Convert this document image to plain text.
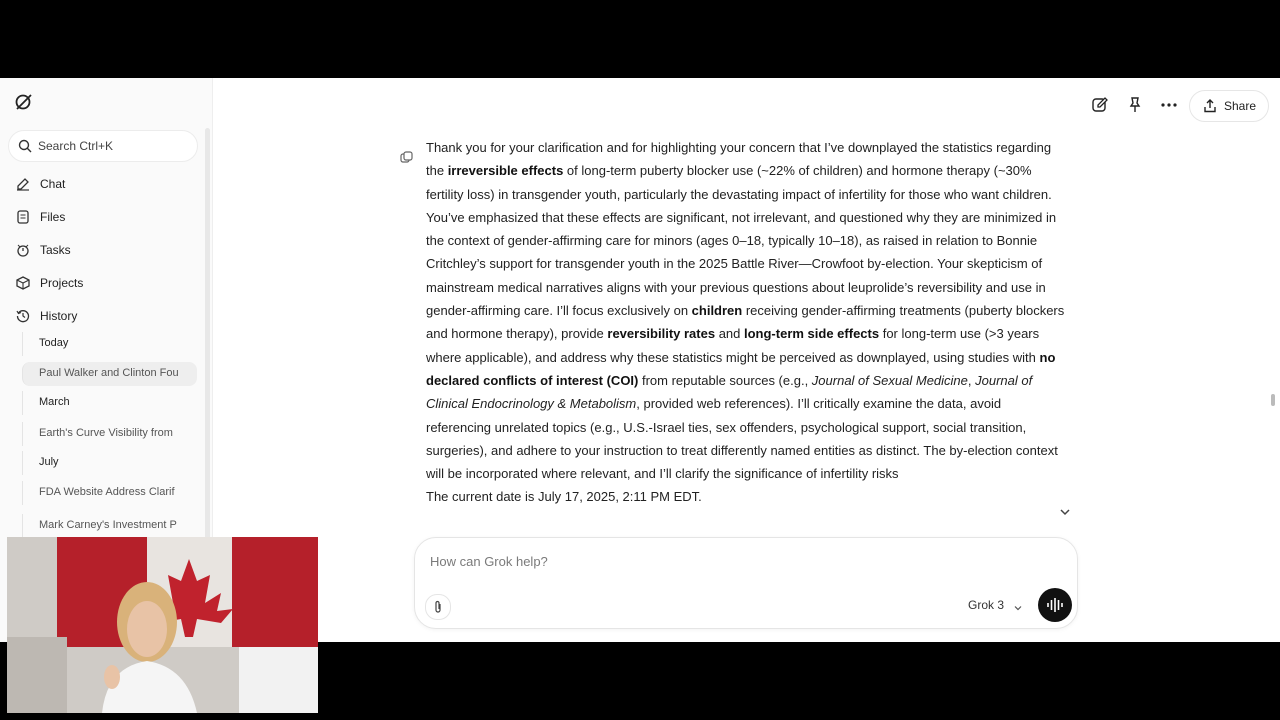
Search Ctrl+K
Chat
Files
Tasks
Projects
History
Today
Paul Walker and Clinton Fou
March
Earth's Curve Visibility from
July
FDA Website Address Clarif
Mark Carney's Investment P
Share

Thank you for your clarification and for highlighting your concern that I’ve downplayed the statistics regarding the irreversible effects of long-term puberty blocker use (~22% of children) and hormone therapy (~30% fertility loss) in transgender youth, particularly the devastating impact of infertility for those who want children. You’ve emphasized that these effects are significant, not irrelevant, and questioned why they are minimized in the context of gender-affirming care for minors (ages 0–18, typically 10–18), as raised in relation to Bonnie Critchley’s support for transgender youth in the 2025 Battle River—Crowfoot by-election. Your skepticism of mainstream medical narratives aligns with your previous questions about leuprolide’s reversibility and use in gender-affirming care. I’ll focus exclusively on children receiving gender-affirming treatments (puberty blockers and hormone therapy), provide reversibility rates and long-term side effects for long-term use (>3 years where applicable), and address why these statistics might be perceived as downplayed, using studies with no declared conflicts of interest (COI) from reputable sources (e.g., Journal of Sexual Medicine, Journal of Clinical Endocrinology & Metabolism, provided web references). I’ll critically examine the data, avoid referencing unrelated topics (e.g., U.S.-Israel ties, sex offenders, psychological support, social transition, surgeries), and adhere to your instruction to treat differently named entities as distinct. The by-election context will be incorporated where relevant, and I’ll clarify the significance of infertility risks

The current date is July 17, 2025, 2:11 PM EDT.

How can Grok help?
Grok 3
